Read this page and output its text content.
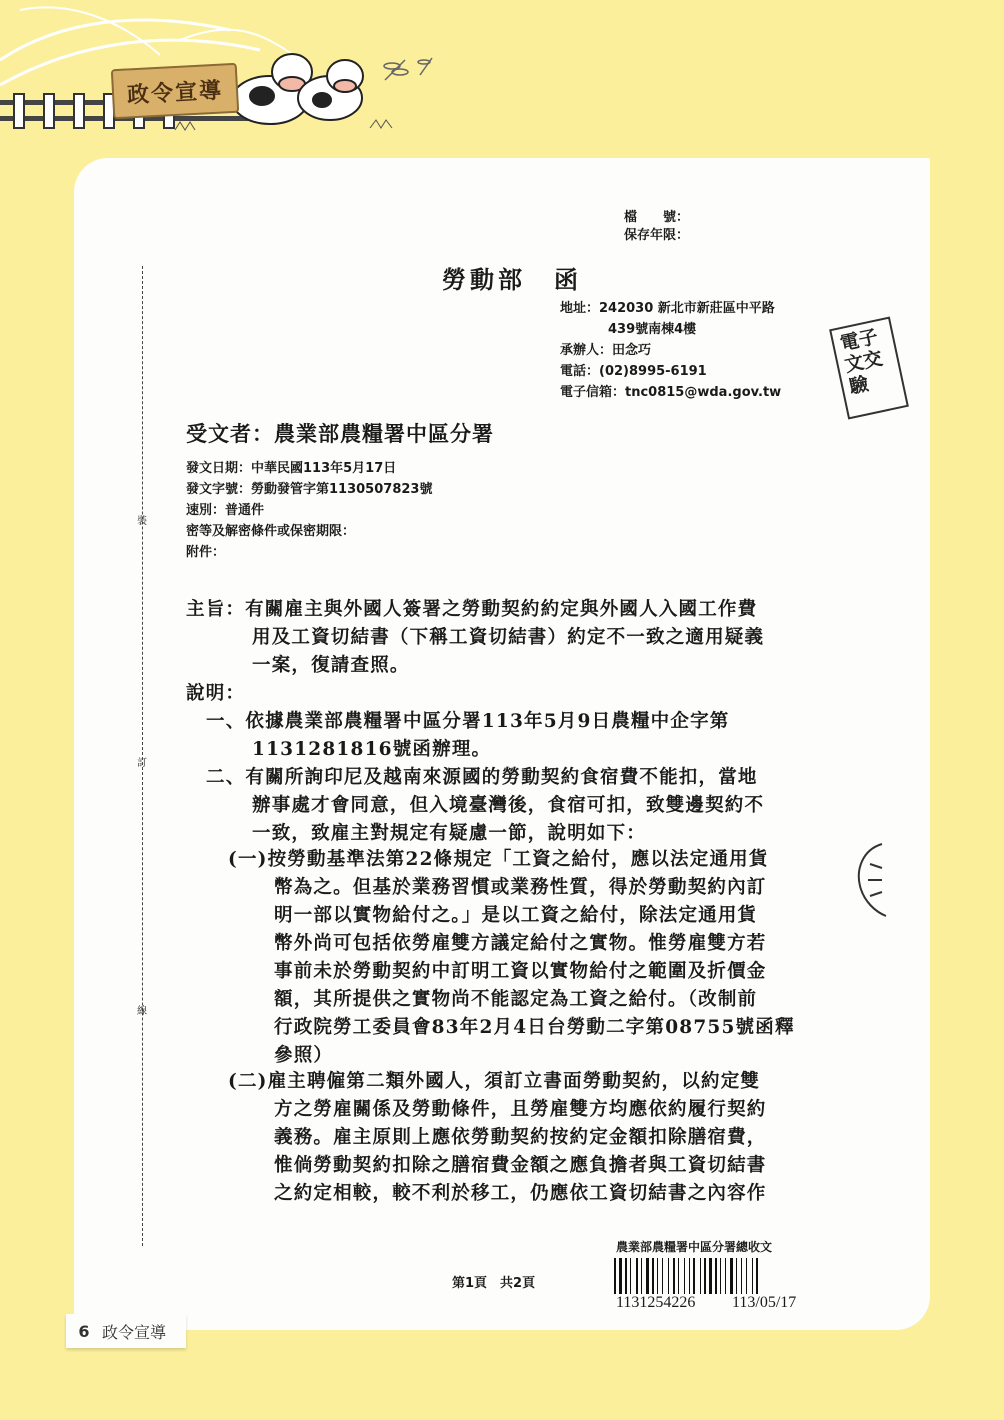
政令宣導
裝
訂
線
檔　　號：
保存年限：
勞動部　函
地址：242030 新北市新莊區中平路
439號南棟4樓
承辦人：田念巧
電話：(02)8995-6191
電子信箱：tnc0815@wda.gov.tw
電子
文交
驗
受文者：農業部農糧署中區分署
發文日期：中華民國113年5月17日
發文字號：勞動發管字第1130507823號
速別：普通件
密等及解密條件或保密期限：
附件：
主旨：有關雇主與外國人簽署之勞動契約約定與外國人入國工作費
用及工資切結書（下稱工資切結書）約定不一致之適用疑義
一案，復請查照。
說明：
一、依據農業部農糧署中區分署113年5月9日農糧中企字第
1131281816號函辦理。
二、有關所詢印尼及越南來源國的勞動契約食宿費不能扣，當地
辦事處才會同意，但入境臺灣後，食宿可扣，致雙邊契約不
一致，致雇主對規定有疑慮一節，說明如下：
(一)按勞動基準法第22條規定「工資之給付，應以法定通用貨
幣為之。但基於業務習慣或業務性質，得於勞動契約內訂
明一部以實物給付之。」是以工資之給付，除法定通用貨
幣外尚可包括依勞雇雙方議定給付之實物。惟勞雇雙方若
事前未於勞動契約中訂明工資以實物給付之範圍及折價金
額，其所提供之實物尚不能認定為工資之給付。（改制前
行政院勞工委員會83年2月4日台勞動二字第08755號函釋
參照）
(二)雇主聘僱第二類外國人，須訂立書面勞動契約，以約定雙
方之勞雇關係及勞動條件，且勞雇雙方均應依約履行契約
義務。雇主原則上應依勞動契約按約定金額扣除膳宿費，
惟倘勞動契約扣除之膳宿費金額之應負擔者與工資切結書
之約定相較，較不利於移工，仍應依工資切結書之內容作
第1頁　共2頁
農業部農糧署中區分署總收文
1131254226 113/05/17
6 政令宣導
